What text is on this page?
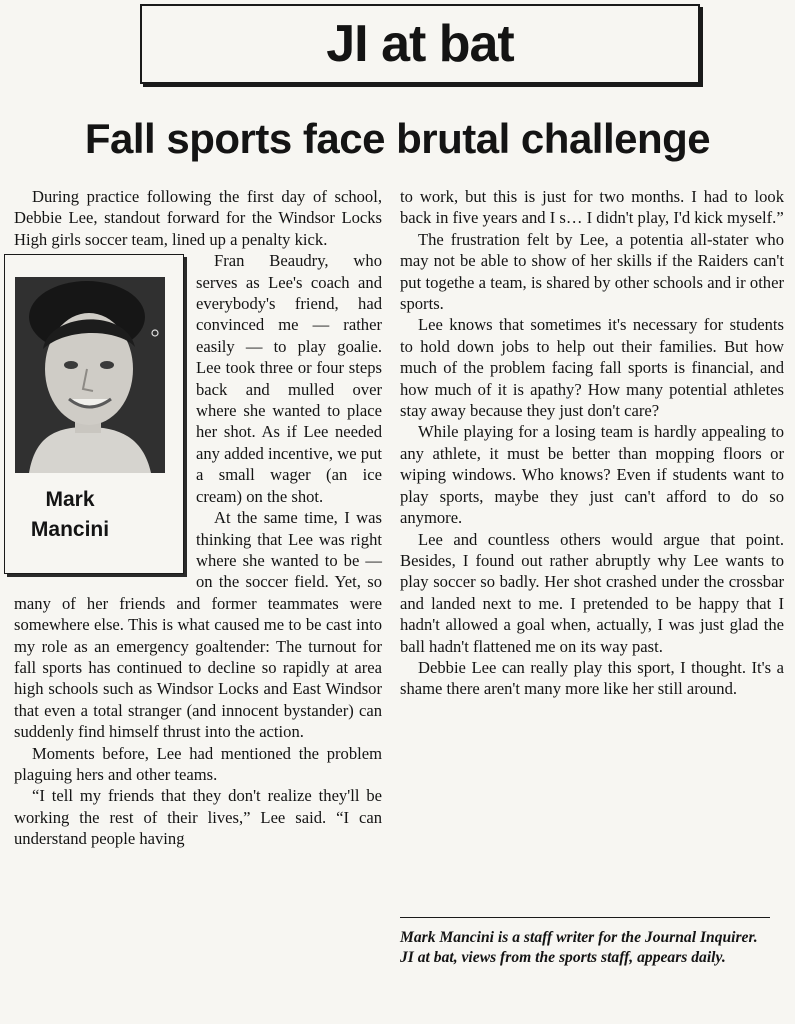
JI at bat
Fall sports face brutal challenge

During practice following the first day of school, Debbie Lee, standout forward for the Windsor Locks High girls soccer team, lined up a penalty kick.

Mark
Mancini

Fran Beaudry, who serves as Lee's coach and everybody's friend, had convinced me — rather easily — to play goalie. Lee took three or four steps back and mulled over where she wanted to place her shot. As if Lee needed any added incentive, we put a small wager (an ice cream) on the shot.

At the same time, I was thinking that Lee was right where she wanted to be — on the soccer field. Yet, so many of her friends and former teammates were somewhere else. This is what caused me to be cast into my role as an emergency goaltender: The turnout for fall sports has continued to decline so rapidly at area high schools such as Windsor Locks and East Windsor that even a total stranger (and innocent bystander) can suddenly find himself thrust into the action.

Moments before, Lee had mentioned the problem plaguing hers and other teams.

“I tell my friends that they don't realize they'll be working the rest of their lives,” Lee said. “I can understand people having

to work, but this is just for two months. I had to look back in five years and I s… I didn't play, I'd kick myself.”

The frustration felt by Lee, a potentia all-stater who may not be able to show of her skills if the Raiders can't put togethe a team, is shared by other schools and ir other sports.

Lee knows that sometimes it's necessary for students to hold down jobs to help out their families. But how much of the problem facing fall sports is financial, and how much of it is apathy? How many potential athletes stay away because they just don't care?

While playing for a losing team is hardly appealing to any athlete, it must be better than mopping floors or wiping windows. Who knows? Even if students want to play sports, maybe they just can't afford to do so anymore.

Lee and countless others would argue that point. Besides, I found out rather abruptly why Lee wants to play soccer so badly. Her shot crashed under the crossbar and landed next to me. I pretended to be happy that I hadn't allowed a goal when, actually, I was just glad the ball hadn't flattened me on its way past.

Debbie Lee can really play this sport, I thought. It's a shame there aren't many more like her still around.

Mark Mancini is a staff writer for the Journal Inquirer. JI at bat, views from the sports staff, appears daily.
